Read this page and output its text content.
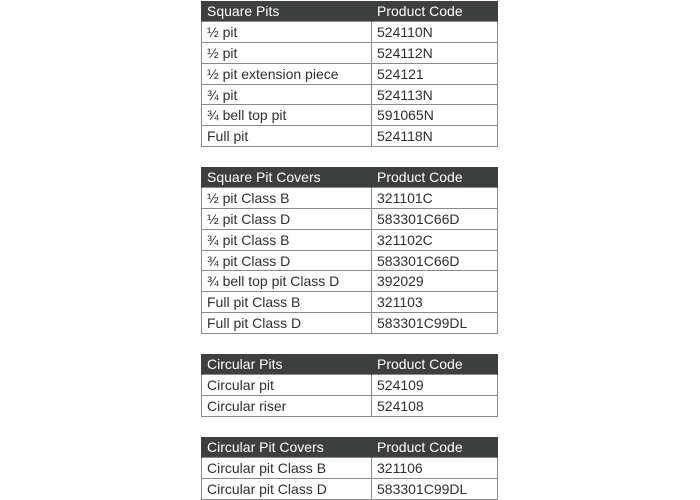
Square Pits	Product Code
½ pit	524110N
½ pit	524112N
½ pit extension piece	524121
¾ pit	524113N
¾ bell top pit	591065N
Full pit	524118N
Square Pit Covers	Product Code
½ pit Class B	321101C
½ pit Class D	583301C66D
¾ pit Class B	321102C
¾ pit Class D	583301C66D
¾ bell top pit Class D	392029
Full pit Class B	321103
Full pit Class D	583301C99DL
Circular Pits	Product Code
Circular pit	524109
Circular riser	524108
Circular Pit Covers	Product Code
Circular pit Class B	321106
Circular pit Class D	583301C99DL
